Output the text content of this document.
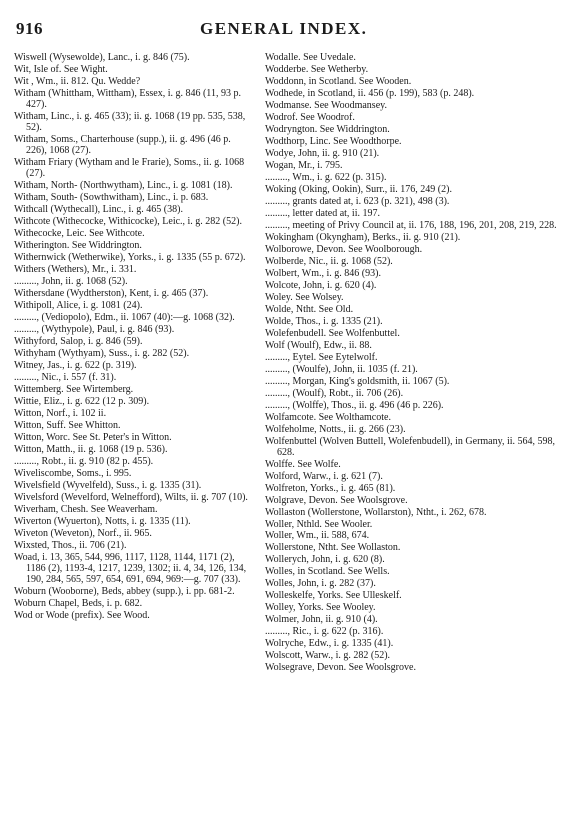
916	GENERAL INDEX.

Wiswell (Wysewolde), Lanc., i. g. 846 (75).

Wit, Isle of. See Wight.

Wit , Wm., ii. 812. Qu. Wedde?

Witham (Whittham, Wittham), Essex, i. g. 846 (11, 93 p. 427).

Witham, Linc., i. g. 465 (33); ii. g. 1068 (19 pp. 535, 538, 52).

Witham, Soms., Charterhouse (supp.), ii. g. 496 (46 p. 226), 1068 (27).

Witham Friary (Wytham and le Frarie), Soms., ii. g. 1068 (27).

Witham, North- (Northwytham), Linc., i. g. 1081 (18).

Witham, South- (Sowthwitham), Linc., i. p. 683.

Withcall (Wythecall), Linc., i. g. 465 (38).

Withcote (Withecocke, Withicocke), Leic., i. g. 282 (52).

Withecocke, Leic. See Withcote.

Witherington. See Widdrington.

Withernwick (Wetherwike), Yorks., i. g. 1335 (55 p. 672).

Withers (Wethers), Mr., i. 331.

........., John, ii. g. 1068 (52).

Withersdane (Wydtherston), Kent, i. g. 465 (37).

Withipoll, Alice, i. g. 1081 (24).

........., (Vediopolo), Edm., ii. 1067 (40):—g. 1068 (32).

........., (Wythypole), Paul, i. g. 846 (93).

Withyford, Salop, i. g. 846 (59).

Withyham (Wythyam), Suss., i. g. 282 (52).

Witney, Jas., i. g. 622 (p. 319).

........., Nic., i. 557 (f. 31).

Wittemberg. See Wirtemberg.

Wittie, Eliz., i. g. 622 (12 p. 309).

Witton, Norf., i. 102 ii.

Witton, Suff. See Whitton.

Witton, Worc. See St. Peter's in Witton.

Witton, Matth., ii. g. 1068 (19 p. 536).

........., Robt., ii. g. 910 (82 p. 455).

Wiveliscombe, Soms., i. 995.

Wivelsfield (Wyvelfeld), Suss., i. g. 1335 (31).

Wivelsford (Wevelford, Welnefford), Wilts, ii. g. 707 (10).

Wiverham, Chesh. See Weaverham.

Wiverton (Wyuerton), Notts, i. g. 1335 (11).

Wiveton (Weveton), Norf., ii. 965.

Wixsted, Thos., ii. 706 (21).

Woad, i. 13, 365, 544, 996, 1117, 1128, 1144, 1171 (2), 1186 (2), 1193-4, 1217, 1239, 1302; ii. 4, 34, 126, 134, 190, 284, 565, 597, 654, 691, 694, 969:—g. 707 (33).

Woburn (Wooborne), Beds, abbey (supp.), i. pp. 681-2.

Woburn Chapel, Beds, i. p. 682.

Wod or Wode (prefix). See Wood.

Wodalle. See Uvedale.

Wodderbe. See Wetherby.

Woddonn, in Scotland. See Wooden.

Wodhede, in Scotland, ii. 456 (p. 199), 583 (p. 248).

Wodmanse. See Woodmansey.

Wodrof. See Woodrof.

Wodryngton. See Widdrington.

Wodthorp, Linc. See Woodthorpe.

Wodye, John, ii. g. 910 (21).

Wogan, Mr., i. 795.

........., Wm., i. g. 622 (p. 315).

Woking (Oking, Ookin), Surr., ii. 176, 249 (2).

........., grants dated at, i. 623 (p. 321), 498 (3).

........., letter dated at, ii. 197.

........., meeting of Privy Council at, ii. 176, 188, 196, 201, 208, 219, 228.

Wokingham (Okyngham), Berks., ii. g. 910 (21).

Wolborowe, Devon. See Woolborough.

Wolberde, Nic., ii. g. 1068 (52).

Wolbert, Wm., i. g. 846 (93).

Wolcote, John, i. g. 620 (4).

Woley. See Wolsey.

Wolde, Ntht. See Old.

Wolde, Thos., i. g. 1335 (21).

Wolefenbudell. See Wolfenbuttel.

Wolf (Woulf), Edw., ii. 88.

........., Eytel. See Eytelwolf.

........., (Woulfe), John, ii. 1035 (f. 21).

........., Morgan, King's goldsmith, ii. 1067 (5).

........., (Woulf), Robt., ii. 706 (26).

........., (Wolffe), Thos., ii. g. 496 (46 p. 226).

Wolfamcote. See Wolthamcote.

Wolfeholme, Notts., ii. g. 266 (23).

Wolfenbuttel (Wolven Buttell, Wolefenbudell), in Germany, ii. 564, 598, 628.

Wolffe. See Wolfe.

Wolford, Warw., i. g. 621 (7).

Wolfreton, Yorks., i. g. 465 (81).

Wolgrave, Devon. See Woolsgrove.

Wollaston (Wollerstone, Wollarston), Ntht., i. 262, 678.

Woller, Nthld. See Wooler.

Woller, Wm., ii. 588, 674.

Wollerstone, Ntht. See Wollaston.

Wollerych, John, i. g. 620 (8).

Wolles, in Scotland. See Wells.

Wolles, John, i. g. 282 (37).

Wolleskelfe, Yorks. See Ulleskelf.

Wolley, Yorks. See Wooley.

Wolmer, John, ii. g. 910 (4).

........., Ric., i. g. 622 (p. 316).

Wolryche, Edw., i. g. 1335 (41).

Wolscott, Warw., i. g. 282 (52).

Wolsegrave, Devon. See Woolsgrove.
